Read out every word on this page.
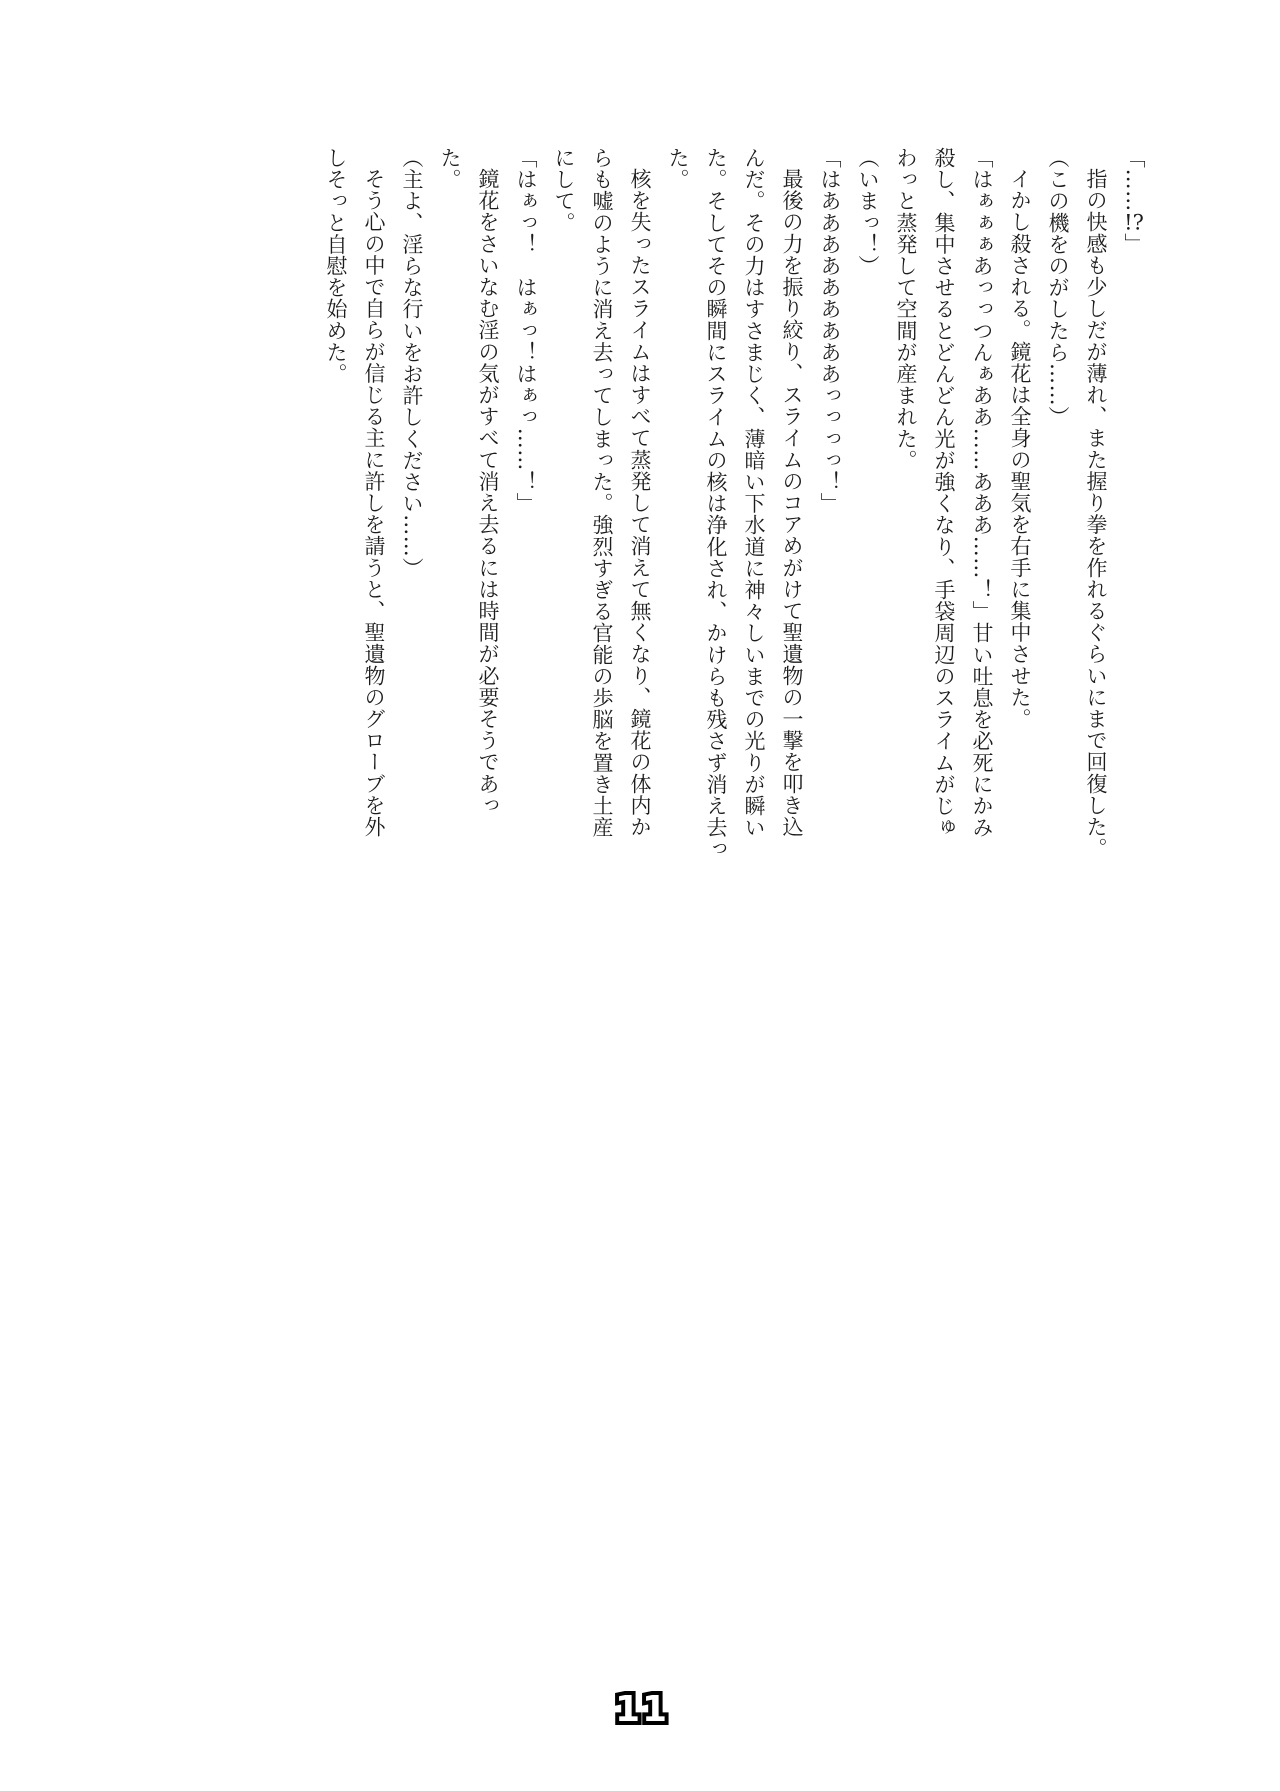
「……!?」
指の快感も少しだが薄れ、また握り拳を作れるぐらいにまで回復した。
（この機をのがしたら……）
イかし殺される。鏡花は全身の聖気を右手に集中させた。
「はぁぁぁあっっつんぁああ……あああ……！」甘い吐息を必死にかみ
殺し、集中させるとどんどん光が強くなり、手袋周辺のスライムがじゅ
わっと蒸発して空間が産まれた。
（いまっ！）
「はあああああああああっっっっ！」
最後の力を振り絞り、スライムのコアめがけて聖遺物の一撃を叩き込
んだ。その力はすさまじく、薄暗い下水道に神々しいまでの光りが瞬い
た。そしてその瞬間にスライムの核は浄化され、かけらも残さず消え去っ
た。
核を失ったスライムはすべて蒸発して消えて無くなり、鏡花の体内か
らも嘘のように消え去ってしまった。強烈すぎる官能の歩脳を置き土産
にして。
「はぁっ！　はぁっ！はぁっ……！」
鏡花をさいなむ淫の気がすべて消え去るには時間が必要そうであっ
た。
（主よ、淫らな行いをお許しください……）
そう心の中で自らが信じる主に許しを請うと、聖遺物のグローブを外
しそっと自慰を始めた。
11
